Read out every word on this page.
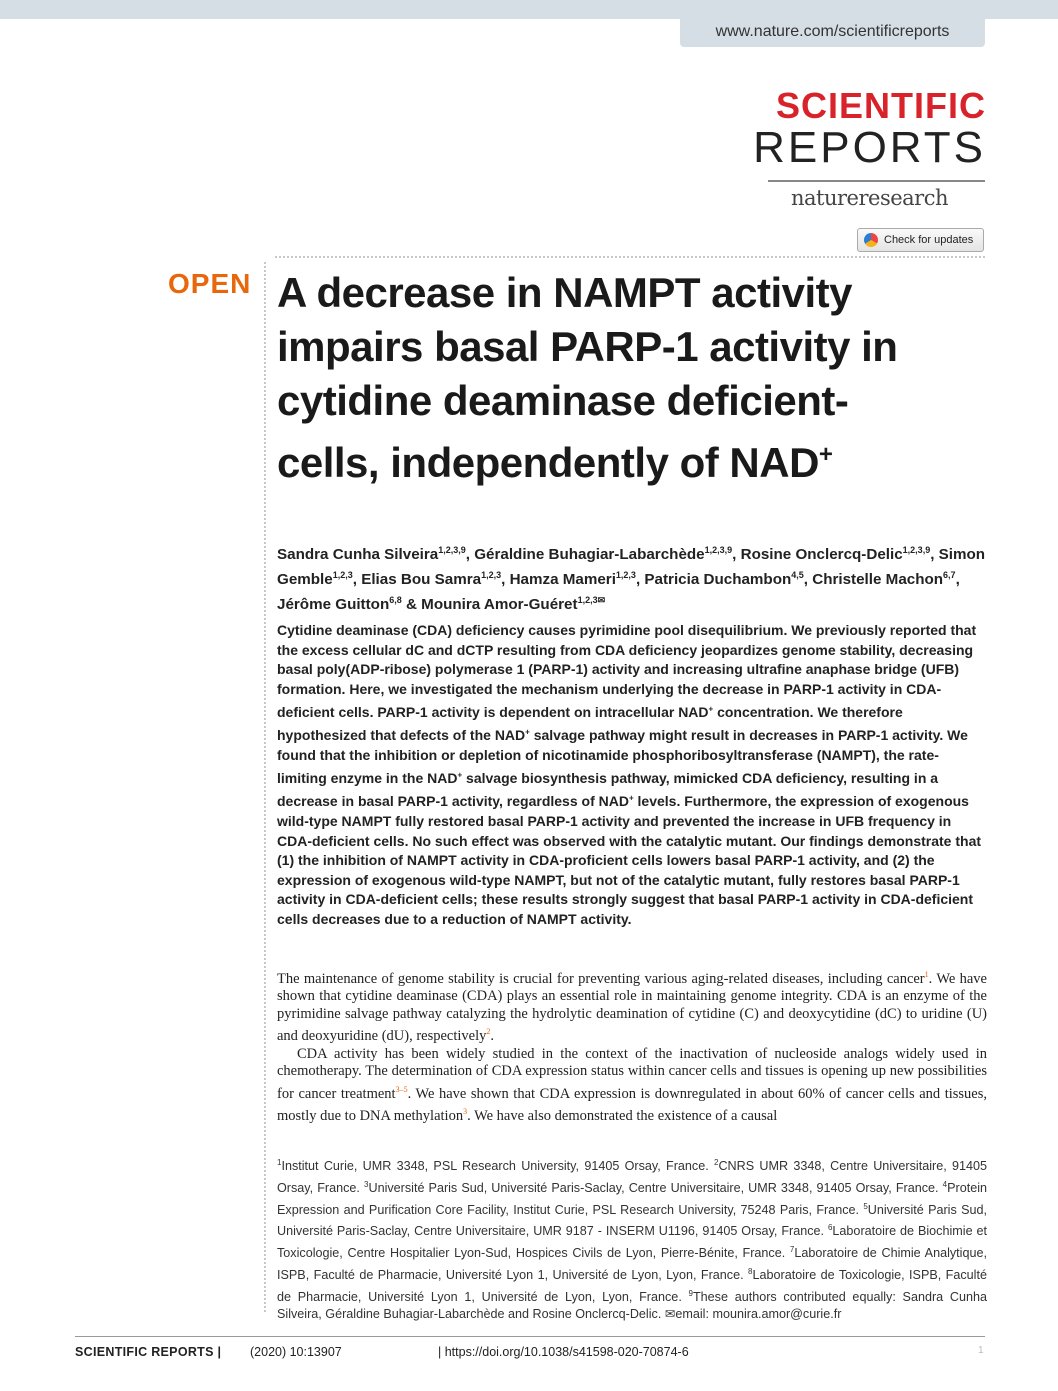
www.nature.com/scientificreports
SCIENTIFIC
REPORTS
natureresearch
Check for updates
OPEN A decrease in NAMPT activity impairs basal PARP-1 activity in cytidine deaminase deficient-cells, independently of NAD+
Sandra Cunha Silveira$^{1,2,3,9}$, Géraldine Buhagiar-Labarchède$^{1,2,3,9}$, Rosine Onclercq-Delic$^{1,2,3,9}$, Simon Gemble$^{1,2,3}$, Elias Bou Samra$^{1,2,3}$, Hamza Mameri$^{1,2,3}$, Patricia Duchambon$^{4,5}$, Christelle Machon$^{6,7}$, Jérôme Guitton$^{6,8}$ & Mounira Amor-Guéret$^{1,2,3✉}$
Cytidine deaminase (CDA) deficiency causes pyrimidine pool disequilibrium. We previously reported that the excess cellular dC and dCTP resulting from CDA deficiency jeopardizes genome stability, decreasing basal poly(ADP-ribose) polymerase 1 (PARP-1) activity and increasing ultrafine anaphase bridge (UFB) formation. Here, we investigated the mechanism underlying the decrease in PARP-1 activity in CDA-deficient cells. PARP-1 activity is dependent on intracellular NAD+ concentration. We therefore hypothesized that defects of the NAD+ salvage pathway might result in decreases in PARP-1 activity. We found that the inhibition or depletion of nicotinamide phosphoribosyltransferase (NAMPT), the rate-limiting enzyme in the NAD+ salvage biosynthesis pathway, mimicked CDA deficiency, resulting in a decrease in basal PARP-1 activity, regardless of NAD+ levels. Furthermore, the expression of exogenous wild-type NAMPT fully restored basal PARP-1 activity and prevented the increase in UFB frequency in CDA-deficient cells. No such effect was observed with the catalytic mutant. Our findings demonstrate that (1) the inhibition of NAMPT activity in CDA-proficient cells lowers basal PARP-1 activity, and (2) the expression of exogenous wild-type NAMPT, but not of the catalytic mutant, fully restores basal PARP-1 activity in CDA-deficient cells; these results strongly suggest that basal PARP-1 activity in CDA-deficient cells decreases due to a reduction of NAMPT activity.

The maintenance of genome stability is crucial for preventing various aging-related diseases, including cancer$^1$. We have shown that cytidine deaminase (CDA) plays an essential role in maintaining genome integrity. CDA is an enzyme of the pyrimidine salvage pathway catalyzing the hydrolytic deamination of cytidine (C) and deoxycytidine (dC) to uridine (U) and deoxyuridine (dU), respectively$^2$.

CDA activity has been widely studied in the context of the inactivation of nucleoside analogs widely used in chemotherapy. The determination of CDA expression status within cancer cells and tissues is opening up new possibilities for cancer treatment$^{3-5}$. We have shown that CDA expression is downregulated in about 60% of cancer cells and tissues, mostly due to DNA methylation$^3$. We have also demonstrated the existence of a causal

$^1$Institut Curie, UMR 3348, PSL Research University, 91405 Orsay, France. $^2$CNRS UMR 3348, Centre Universitaire, 91405 Orsay, France. $^3$Université Paris Sud, Université Paris-Saclay, Centre Universitaire, UMR 3348, 91405 Orsay, France. $^4$Protein Expression and Purification Core Facility, Institut Curie, PSL Research University, 75248 Paris, France. $^5$Université Paris Sud, Université Paris-Saclay, Centre Universitaire, UMR 9187 - INSERM U1196, 91405 Orsay, France. $^6$Laboratoire de Biochimie et Toxicologie, Centre Hospitalier Lyon-Sud, Hospices Civils de Lyon, Pierre-Bénite, France. $^7$Laboratoire de Chimie Analytique, ISPB, Faculté de Pharmacie, Université Lyon 1, Université de Lyon, Lyon, France. $^8$Laboratoire de Toxicologie, ISPB, Faculté de Pharmacie, Université Lyon 1, Université de Lyon, Lyon, France. $^9$These authors contributed equally: Sandra Cunha Silveira, Géraldine Buhagiar-Labarchède and Rosine Onclercq-Delic. ✉email: mounira.amor@curie.fr
SCIENTIFIC REPORTS | (2020) 10:13907	| https://doi.org/10.1038/s41598-020-70874-6	1
